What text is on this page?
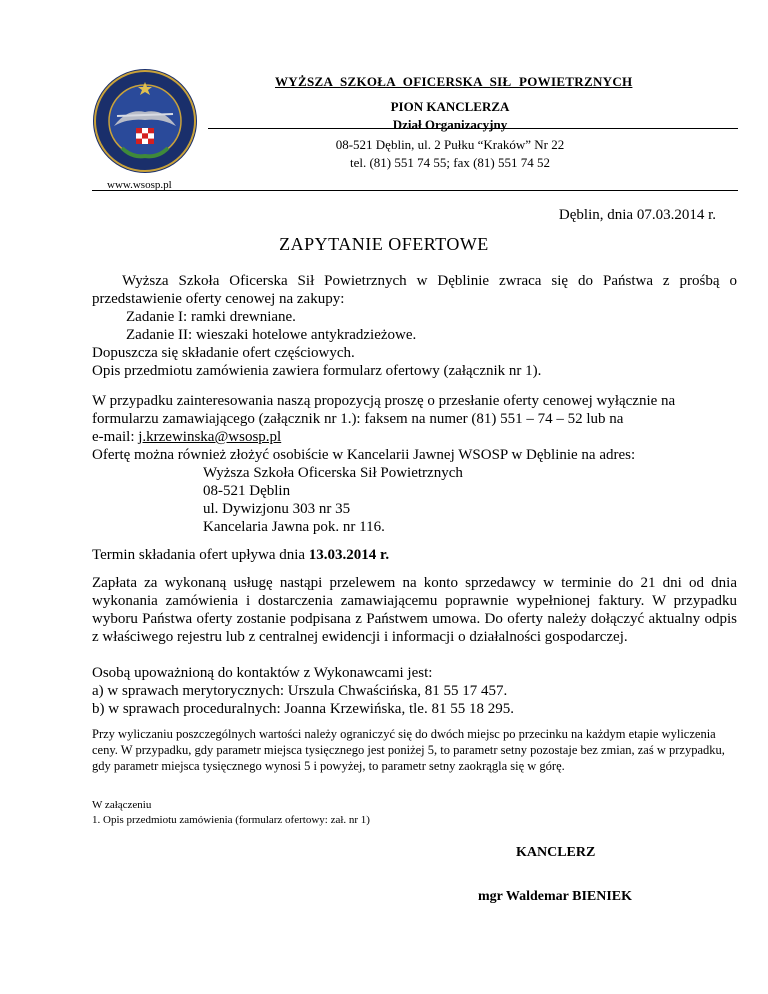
www.wsosp.pl
WYŻSZA SZKOŁA OFICERSKA SIŁ POWIETRZNYCH
PION KANCLERZA
Dział Organizacyjny
08-521 Dęblin, ul. 2 Pułku “Kraków” Nr 22
tel. (81) 551 74 55; fax (81) 551 74 52
Dęblin, dnia 07.03.2014 r.
ZAPYTANIE OFERTOWE
Wyższa Szkoła Oficerska Sił Powietrznych w Dęblinie zwraca się do Państwa z prośbą o przedstawienie oferty cenowej na zakupy:
Zadanie I: ramki drewniane.
Zadanie II: wieszaki hotelowe antykradzieżowe.
Dopuszcza się składanie ofert częściowych.
Opis przedmiotu zamówienia zawiera formularz ofertowy (załącznik nr 1).
W przypadku zainteresowania naszą propozycją proszę o przesłanie oferty cenowej wyłącznie na formularzu zamawiającego (załącznik nr 1.): faksem na numer (81) 551 – 74 – 52 lub na
e-mail: j.krzewinska@wsosp.pl
Ofertę można również złożyć osobiście w Kancelarii Jawnej WSOSP w Dęblinie na adres:
Wyższa Szkoła Oficerska Sił Powietrznych
08-521 Dęblin
ul. Dywizjonu 303 nr 35
Kancelaria Jawna pok. nr 116.
Termin składania ofert upływa dnia 13.03.2014 r.
Zapłata za wykonaną usługę nastąpi przelewem na konto sprzedawcy w terminie do 21 dni od dnia wykonania zamówienia i dostarczenia zamawiającemu poprawnie wypełnionej faktury. W przypadku wyboru Państwa oferty zostanie podpisana z Państwem umowa. Do oferty należy dołączyć aktualny odpis z właściwego rejestru lub z centralnej ewidencji i informacji o działalności gospodarczej.
Osobą upoważnioną do kontaktów z Wykonawcami jest:
a) w sprawach merytorycznych: Urszula Chwaścińska, 81 55 17 457.
b) w sprawach proceduralnych: Joanna Krzewińska, tle. 81 55 18 295.
Przy wyliczaniu poszczególnych wartości należy ograniczyć się do dwóch miejsc po przecinku na każdym etapie wyliczenia ceny. W przypadku, gdy parametr miejsca tysięcznego jest poniżej 5, to parametr setny pozostaje bez zmian, zaś w przypadku, gdy parametr miejsca tysięcznego wynosi 5 i powyżej, to parametr setny zaokrągla się w górę.
W załączeniu
1. Opis przedmiotu zamówienia (formularz ofertowy: zał. nr 1)
KANCLERZ
mgr Waldemar BIENIEK
